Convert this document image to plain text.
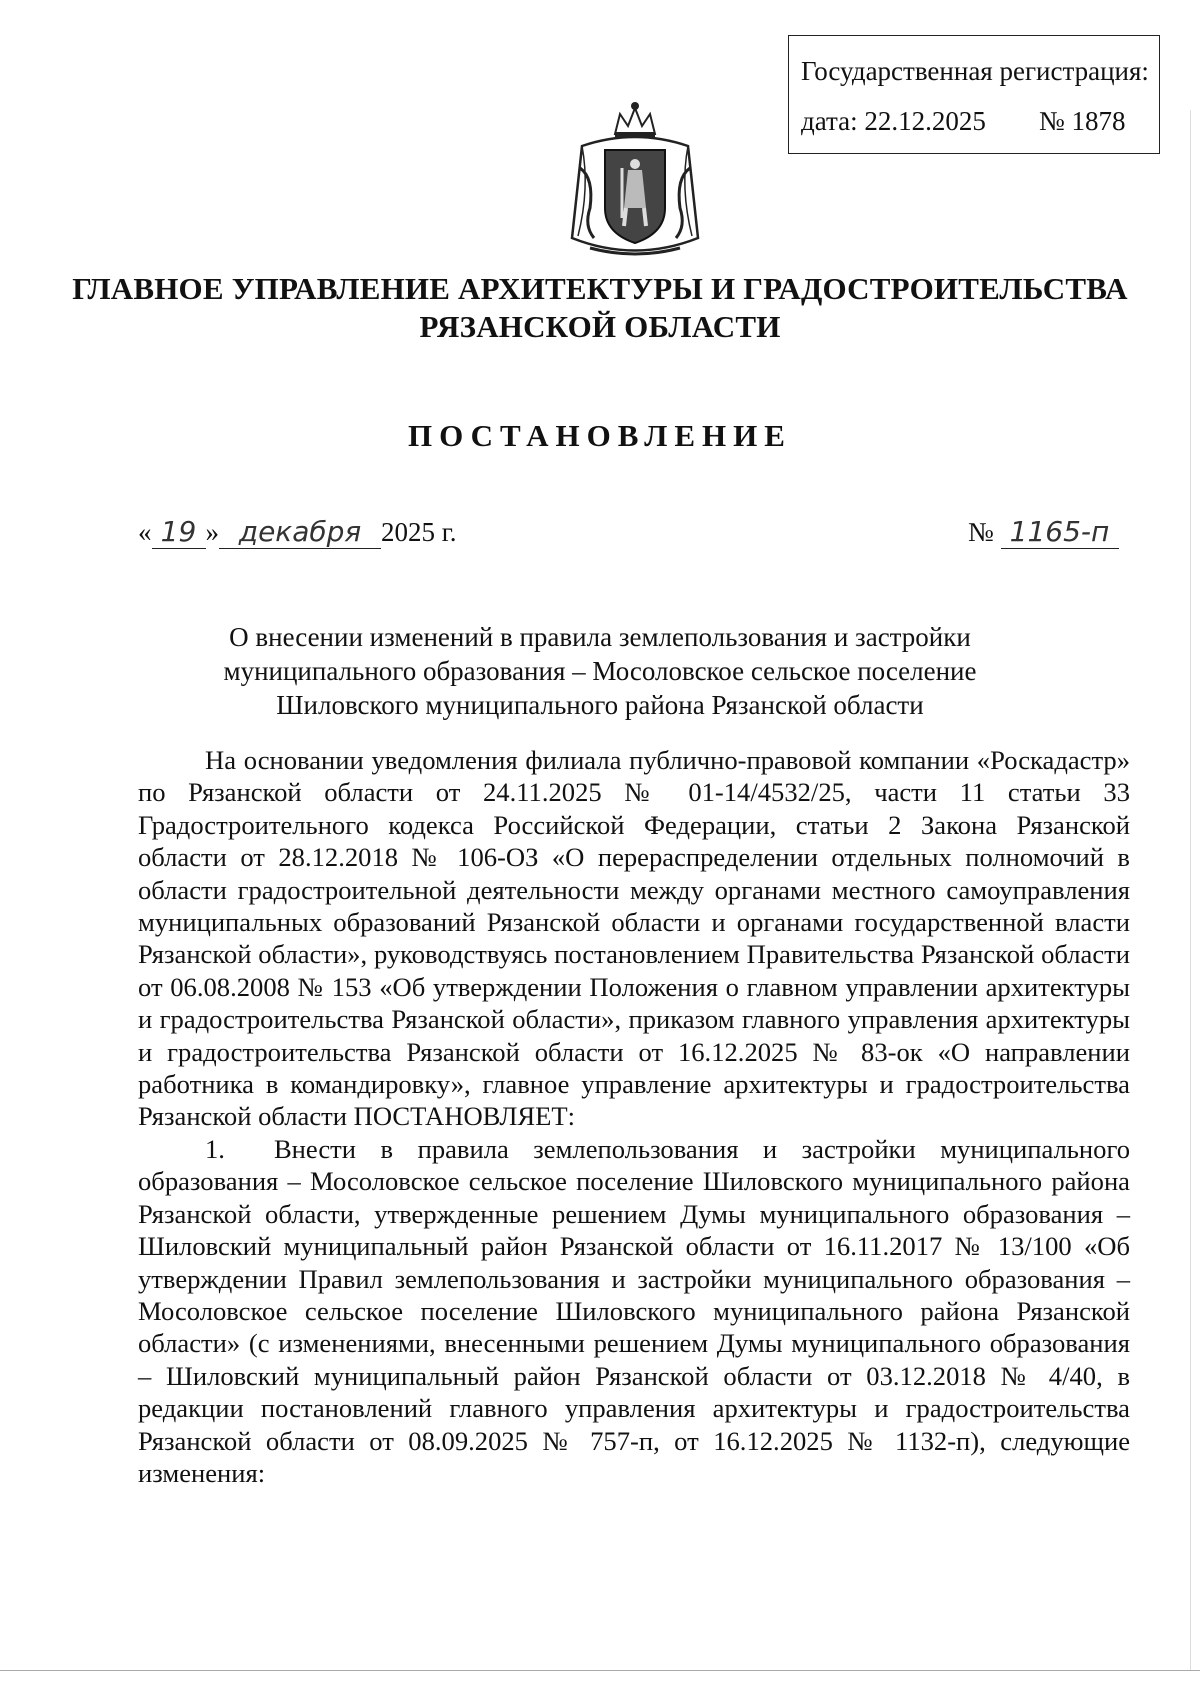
Государственная регистрация:
дата: 22.12.2025 № 1878
ГЛАВНОЕ УПРАВЛЕНИЕ АРХИТЕКТУРЫ И ГРАДОСТРОИТЕЛЬСТВА
РЯЗАНСКОЙ ОБЛАСТИ
ПОСТАНОВЛЕНИЕ
« 19 » декабря 2025 г.	№ 1165-п
О внесении изменений в правила землепользования и застройки
муниципального образования – Мосоловское сельское поселение
Шиловского муниципального района Рязанской области

На основании уведомления филиала публично-правовой компании «Роскадастр» по Рязанской области от 24.11.2025 № 01-14/4532/25, части 11 статьи 33 Градостроительного кодекса Российской Федерации, статьи 2 Закона Рязанской области от 28.12.2018 № 106-ОЗ «О перераспределении отдельных полномочий в области градостроительной деятельности между органами местного самоуправления муниципальных образований Рязанской области и органами государственной власти Рязанской области», руководствуясь постановлением Правительства Рязанской области от 06.08.2008 № 153 «Об утверждении Положения о главном управлении архитектуры и градостроительства Рязанской области», приказом главного управления архитектуры и градостроительства Рязанской области от 16.12.2025 № 83-ок «О направлении работника в командировку», главное управление архитектуры и градостроительства Рязанской области ПОСТАНОВЛЯЕТ:

1.  Внести в правила землепользования и застройки муниципального образования – Мосоловское сельское поселение Шиловского муниципального района Рязанской области, утвержденные решением Думы муниципального образования – Шиловский муниципальный район Рязанской области от 16.11.2017 № 13/100 «Об утверждении Правил землепользования и застройки муниципального образования – Мосоловское сельское поселение Шиловского муниципального района Рязанской области» (с изменениями, внесенными решением Думы муниципального образования – Шиловский муниципальный район Рязанской области от 03.12.2018 № 4/40, в редакции постановлений главного управления архитектуры и градостроительства Рязанской области от 08.09.2025 № 757-п, от 16.12.2025 № 1132-п), следующие изменения:
